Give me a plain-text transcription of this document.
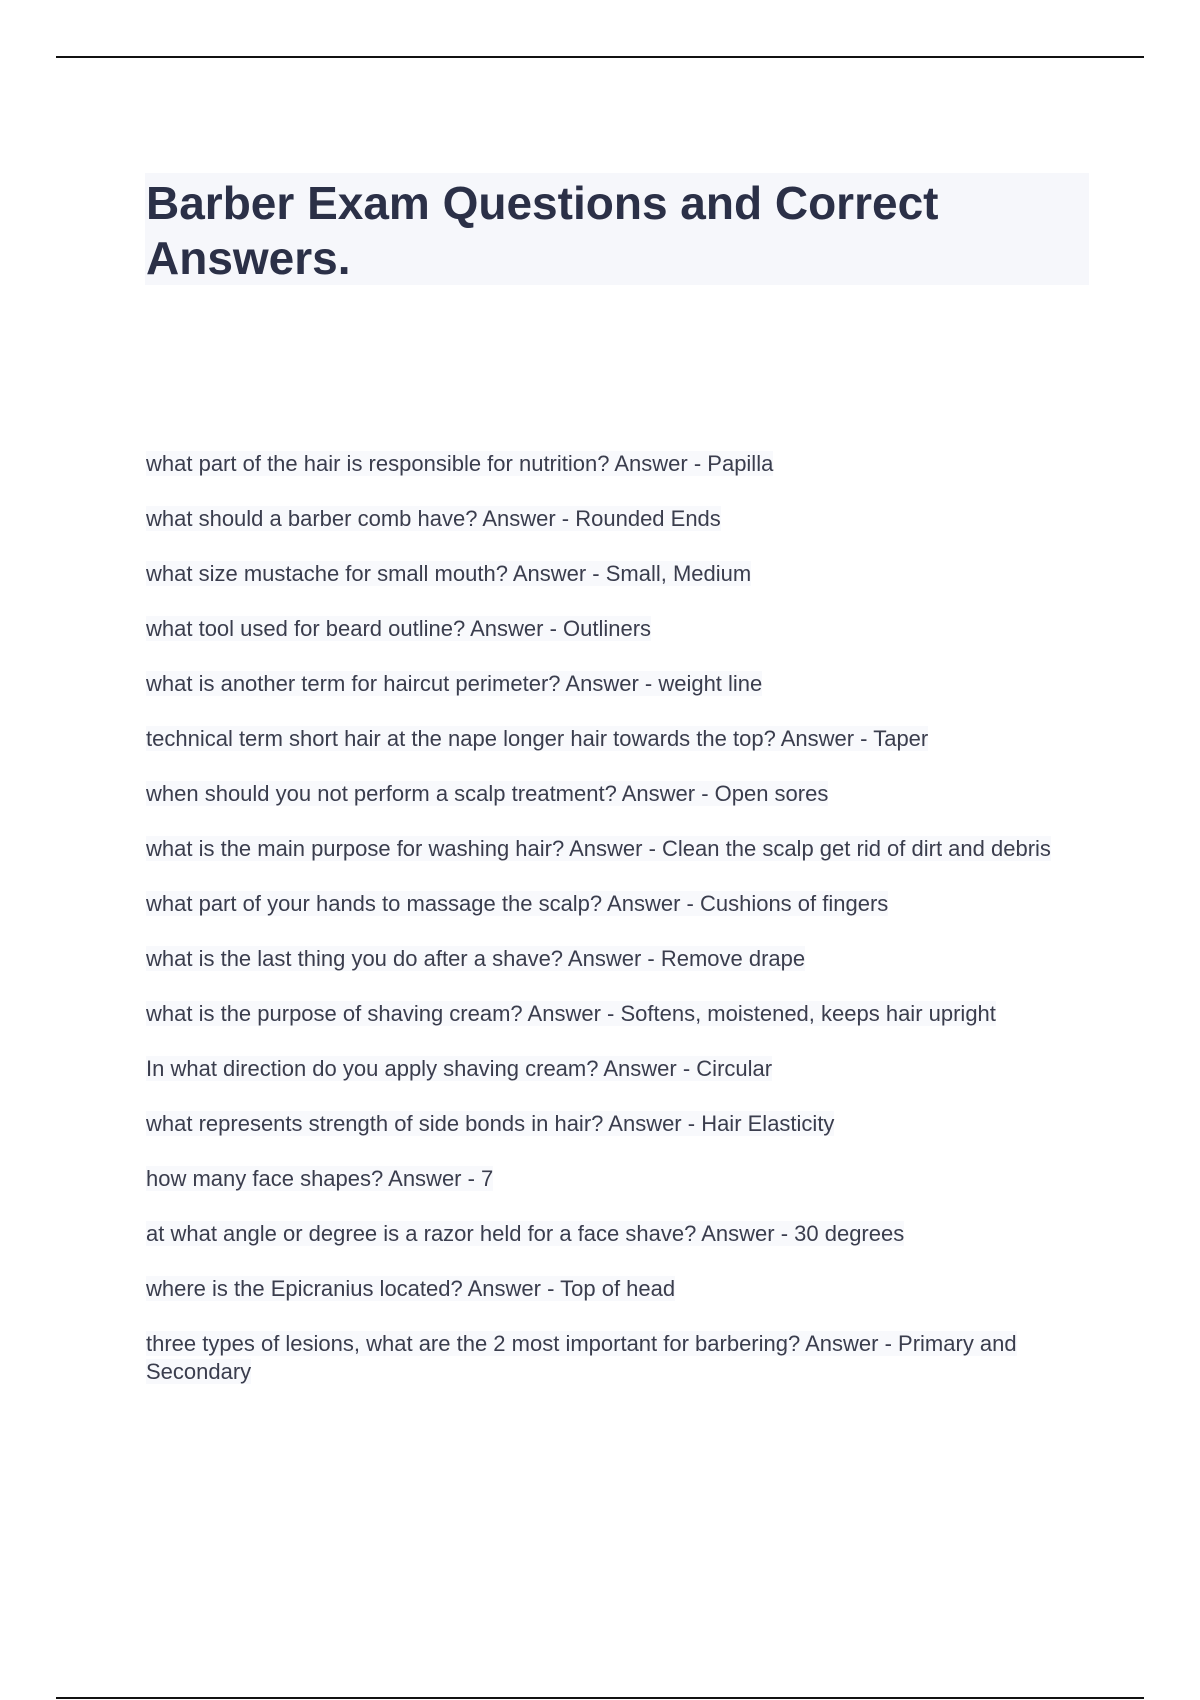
Barber Exam Questions and Correct Answers.
what part of the hair is responsible for nutrition? Answer - Papilla
what should a barber comb have? Answer - Rounded Ends
what size mustache for small mouth? Answer - Small, Medium
what tool used for beard outline? Answer - Outliners
what is another term for haircut perimeter? Answer - weight line
technical term short hair at the nape longer hair towards the top? Answer - Taper
when should you not perform a scalp treatment? Answer - Open sores
what is the main purpose for washing hair? Answer - Clean the scalp get rid of dirt and debris
what part of your hands to massage the scalp? Answer - Cushions of fingers
what is the last thing you do after a shave? Answer - Remove drape
what is the purpose of shaving cream? Answer - Softens, moistened, keeps hair upright
In what direction do you apply shaving cream? Answer - Circular
what represents strength of side bonds in hair? Answer - Hair Elasticity
how many face shapes? Answer - 7
at what angle or degree is a razor held for a face shave? Answer - 30 degrees
where is the Epicranius located? Answer - Top of head
three types of lesions, what are the 2 most important for barbering? Answer - Primary and Secondary
